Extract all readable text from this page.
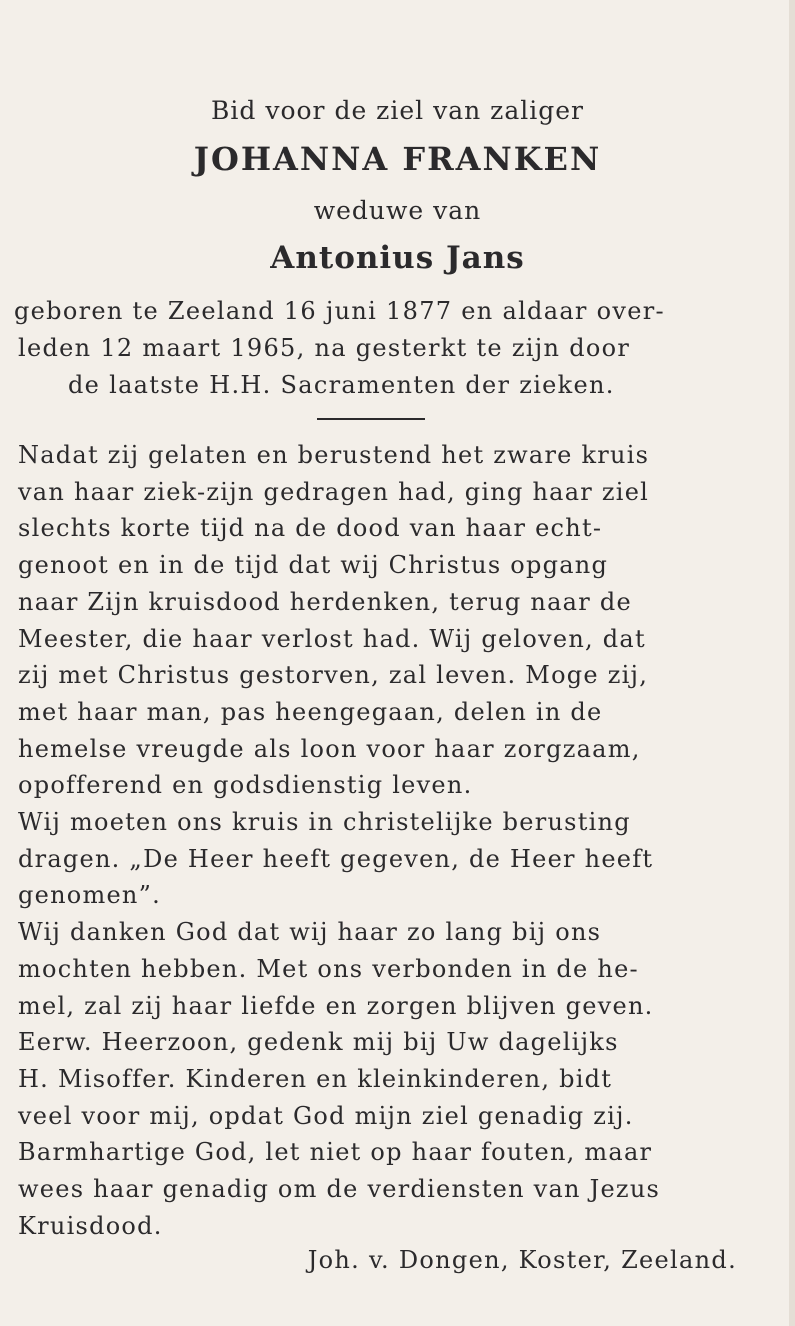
Bid voor de ziel van zaliger
JOHANNA FRANKEN
weduwe van
Antonius Jans
geboren te Zeeland 16 juni 1877 en aldaar over-
leden 12 maart 1965, na gesterkt te zijn door
de laatste H.H. Sacramenten der zieken.
Nadat zij gelaten en berustend het zware kruis
van haar ziek-zijn gedragen had, ging haar ziel
slechts korte tijd na de dood van haar echt-
genoot en in de tijd dat wij Christus opgang
naar Zijn kruisdood herdenken, terug naar de
Meester, die haar verlost had. Wij geloven, dat
zij met Christus gestorven, zal leven. Moge zij,
met haar man, pas heengegaan, delen in de
hemelse vreugde als loon voor haar zorgzaam,
opofferend en godsdienstig leven.
Wij moeten ons kruis in christelijke berusting
dragen. „De Heer heeft gegeven, de Heer heeft
genomen”.
Wij danken God dat wij haar zo lang bij ons
mochten hebben. Met ons verbonden in de he-
mel, zal zij haar liefde en zorgen blijven geven.
Eerw. Heerzoon, gedenk mij bij Uw dagelijks
H. Misoffer. Kinderen en kleinkinderen, bidt
veel voor mij, opdat God mijn ziel genadig zij.
Barmhartige God, let niet op haar fouten, maar
wees haar genadig om de verdiensten van Jezus
Kruisdood.
Joh. v. Dongen, Koster, Zeeland.
